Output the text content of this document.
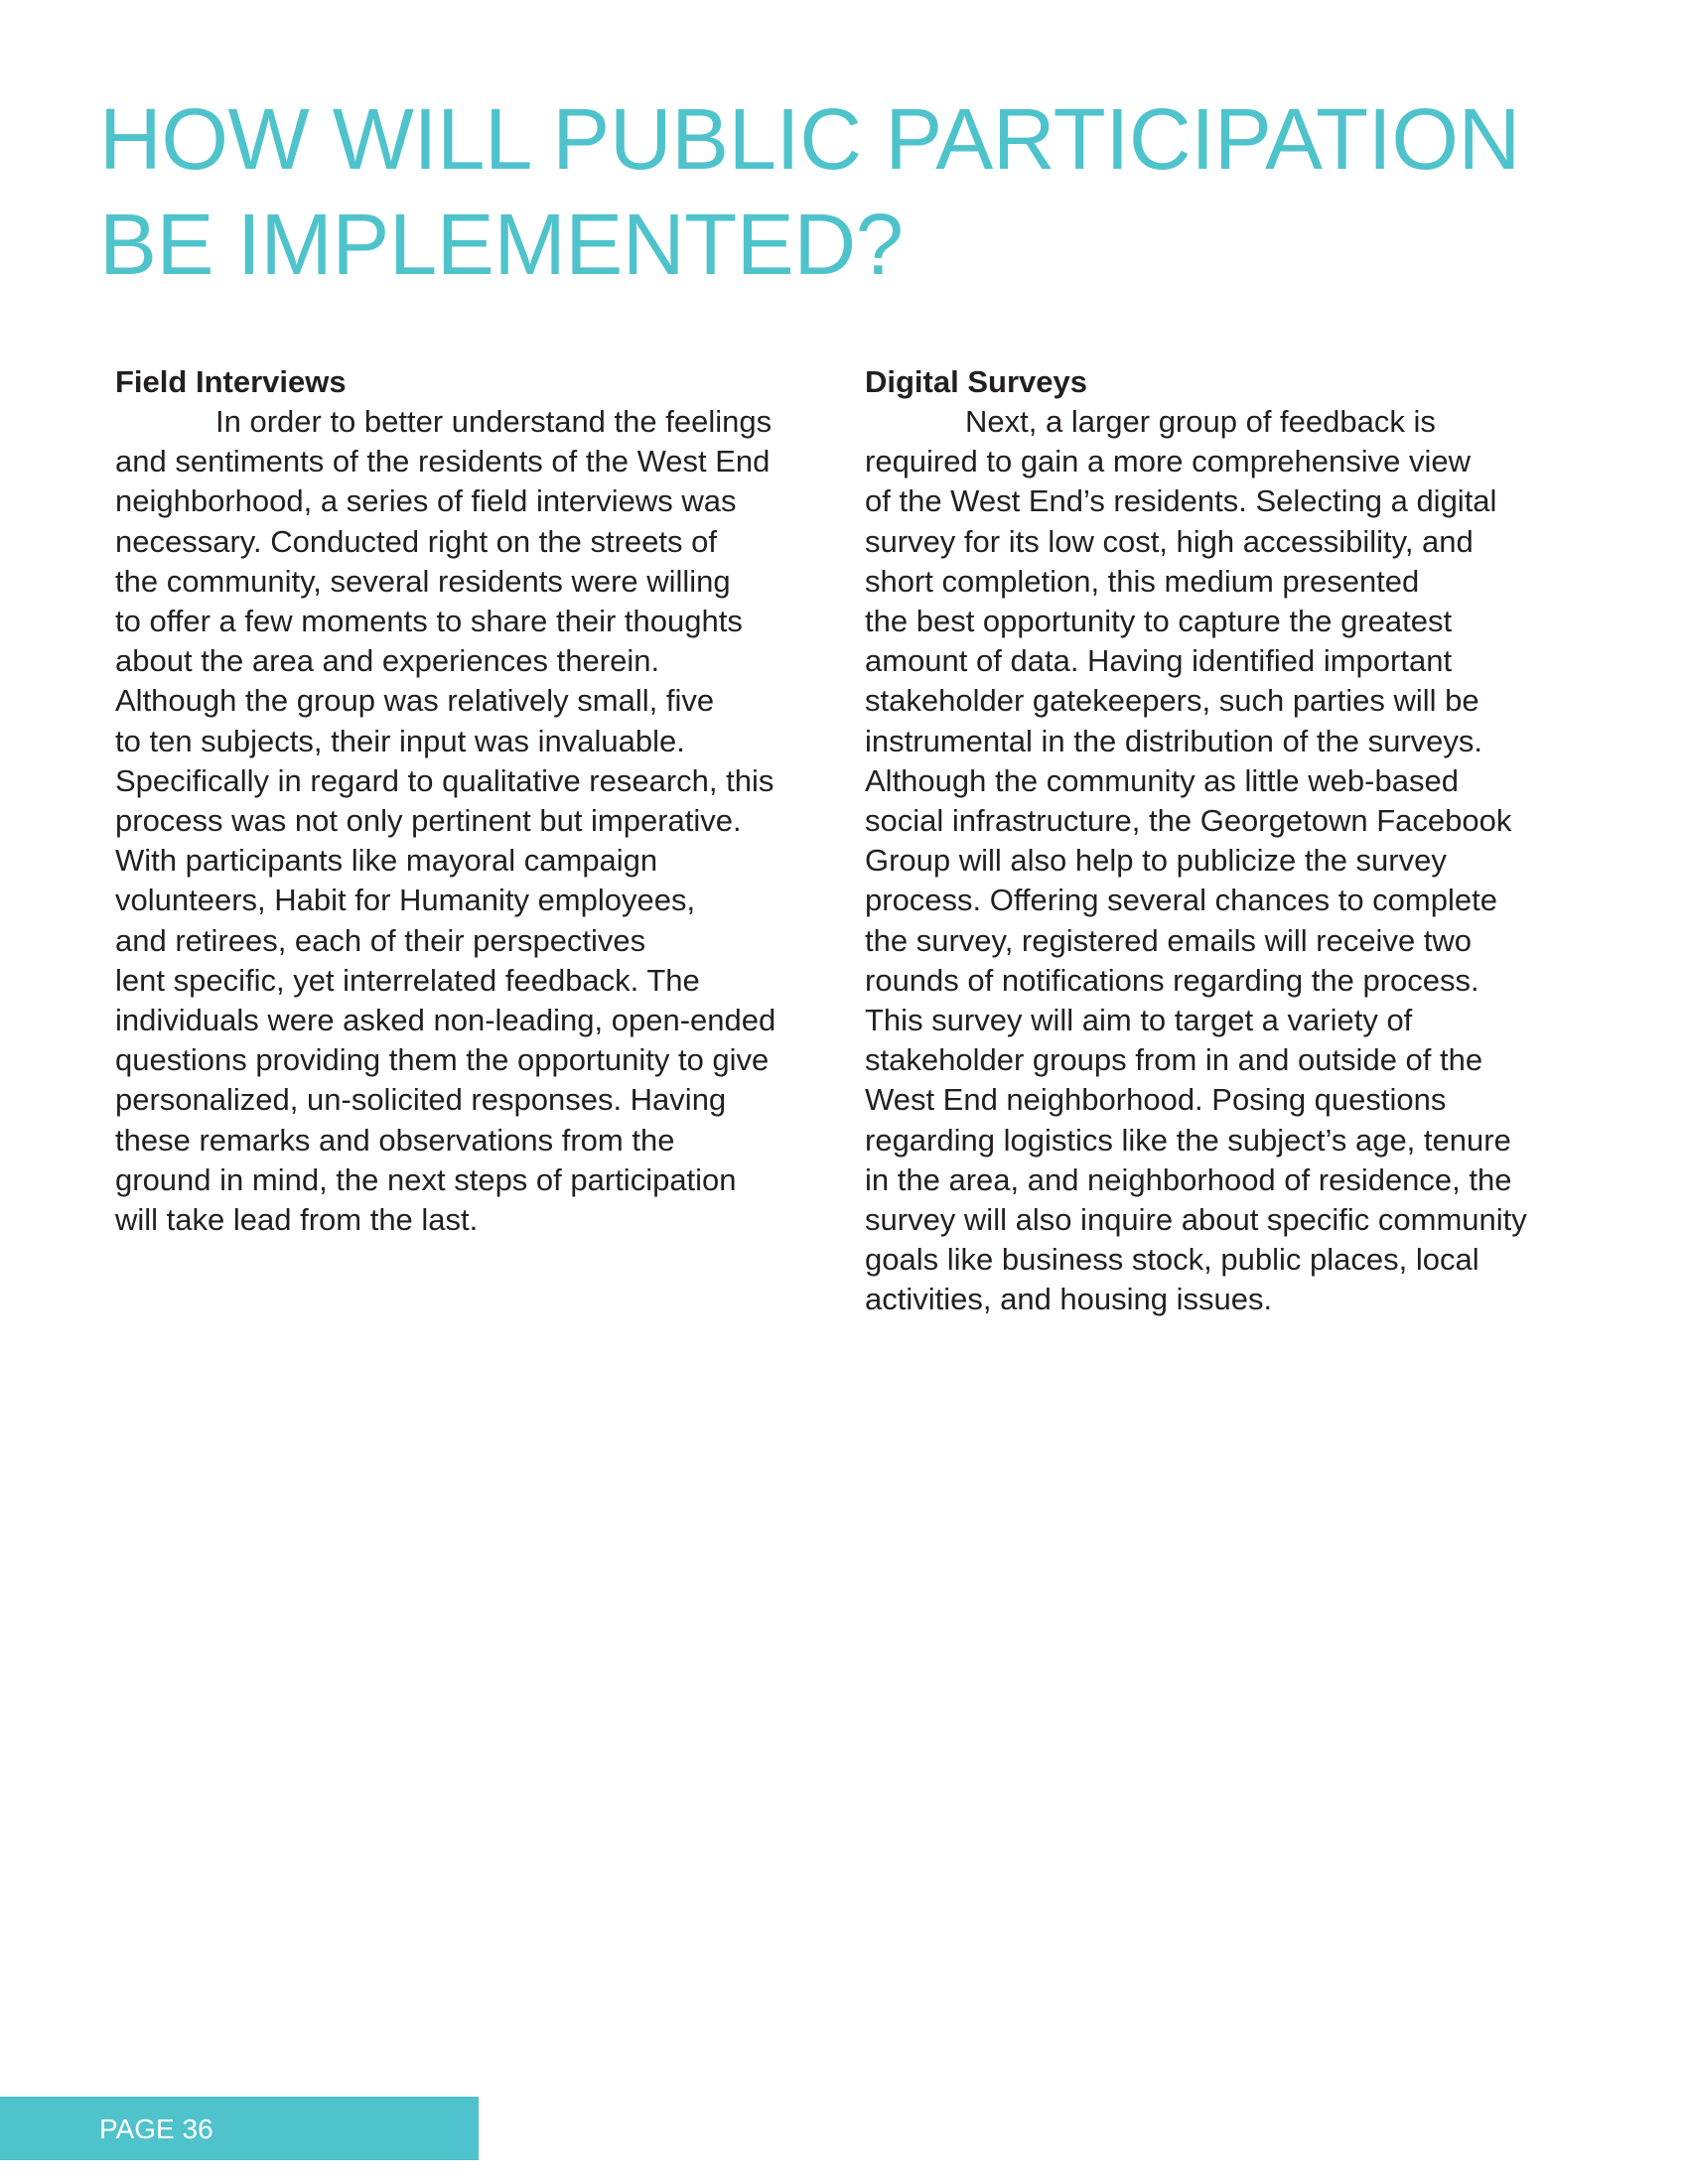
HOW WILL PUBLIC PARTICIPATION
BE IMPLEMENTED?
Field Interviews
In order to better understand the feelings
and sentiments of the residents of the West End
neighborhood, a series of field interviews was
necessary. Conducted right on the streets of
the community, several residents were willing
to offer a few moments to share their thoughts
about the area and experiences therein.
Although the group was relatively small, five
to ten subjects, their input was invaluable.
Specifically in regard to qualitative research, this
process was not only pertinent but imperative.
With participants like mayoral campaign
volunteers, Habit for Humanity employees,
and retirees, each of their perspectives
lent specific, yet interrelated feedback. The
individuals were asked non-leading, open-ended
questions providing them the opportunity to give
personalized, un-solicited responses. Having
these remarks and observations from the
ground in mind, the next steps of participation
will take lead from the last.
Digital Surveys
Next, a larger group of feedback is
required to gain a more comprehensive view
of the West End’s residents. Selecting a digital
survey for its low cost, high accessibility, and
short completion, this medium presented
the best opportunity to capture the greatest
amount of data. Having identified important
stakeholder gatekeepers, such parties will be
instrumental in the distribution of the surveys.
Although the community as little web-based
social infrastructure, the Georgetown Facebook
Group will also help to publicize the survey
process. Offering several chances to complete
the survey, registered emails will receive two
rounds of notifications regarding the process.
This survey will aim to target a variety of
stakeholder groups from in and outside of the
West End neighborhood. Posing questions
regarding logistics like the subject’s age, tenure
in the area, and neighborhood of residence, the
survey will also inquire about specific community
goals like business stock, public places, local
activities, and housing issues.
PAGE 36
